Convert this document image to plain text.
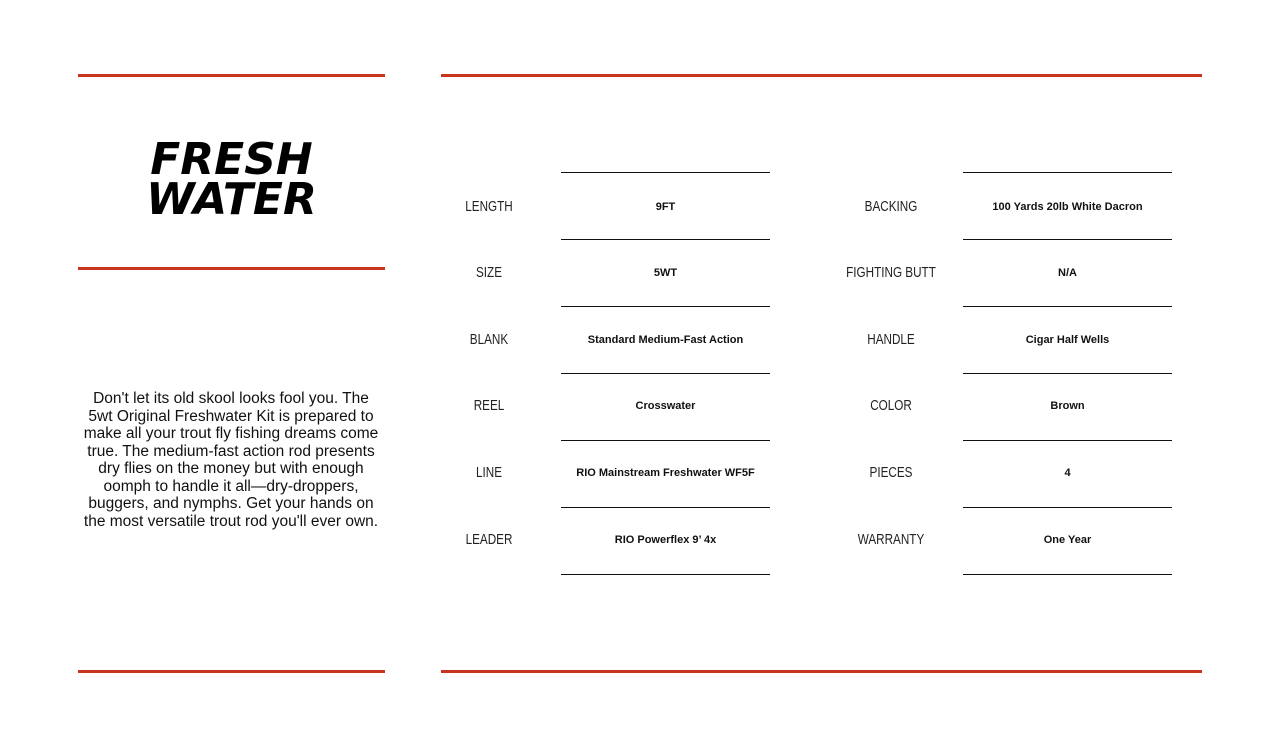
FRESH
WATER
Don't let its old skool looks fool you. The 5wt Original Freshwater Kit is prepared to make all your trout fly fishing dreams come true. The medium-fast action rod presents dry flies on the money but with enough oomph to handle it all—dry-droppers, buggers, and nymphs. Get your hands on the most versatile trout rod you'll ever own.
LENGTH	9FT
SIZE	5WT
BLANK	Standard Medium-Fast Action
REEL	Crosswater
LINE	RIO Mainstream Freshwater WF5F
LEADER	RIO Powerflex 9’ 4x
BACKING	100 Yards 20lb White Dacron
FIGHTING BUTT	N/A
HANDLE	Cigar Half Wells
COLOR	Brown
PIECES	4
WARRANTY	One Year
